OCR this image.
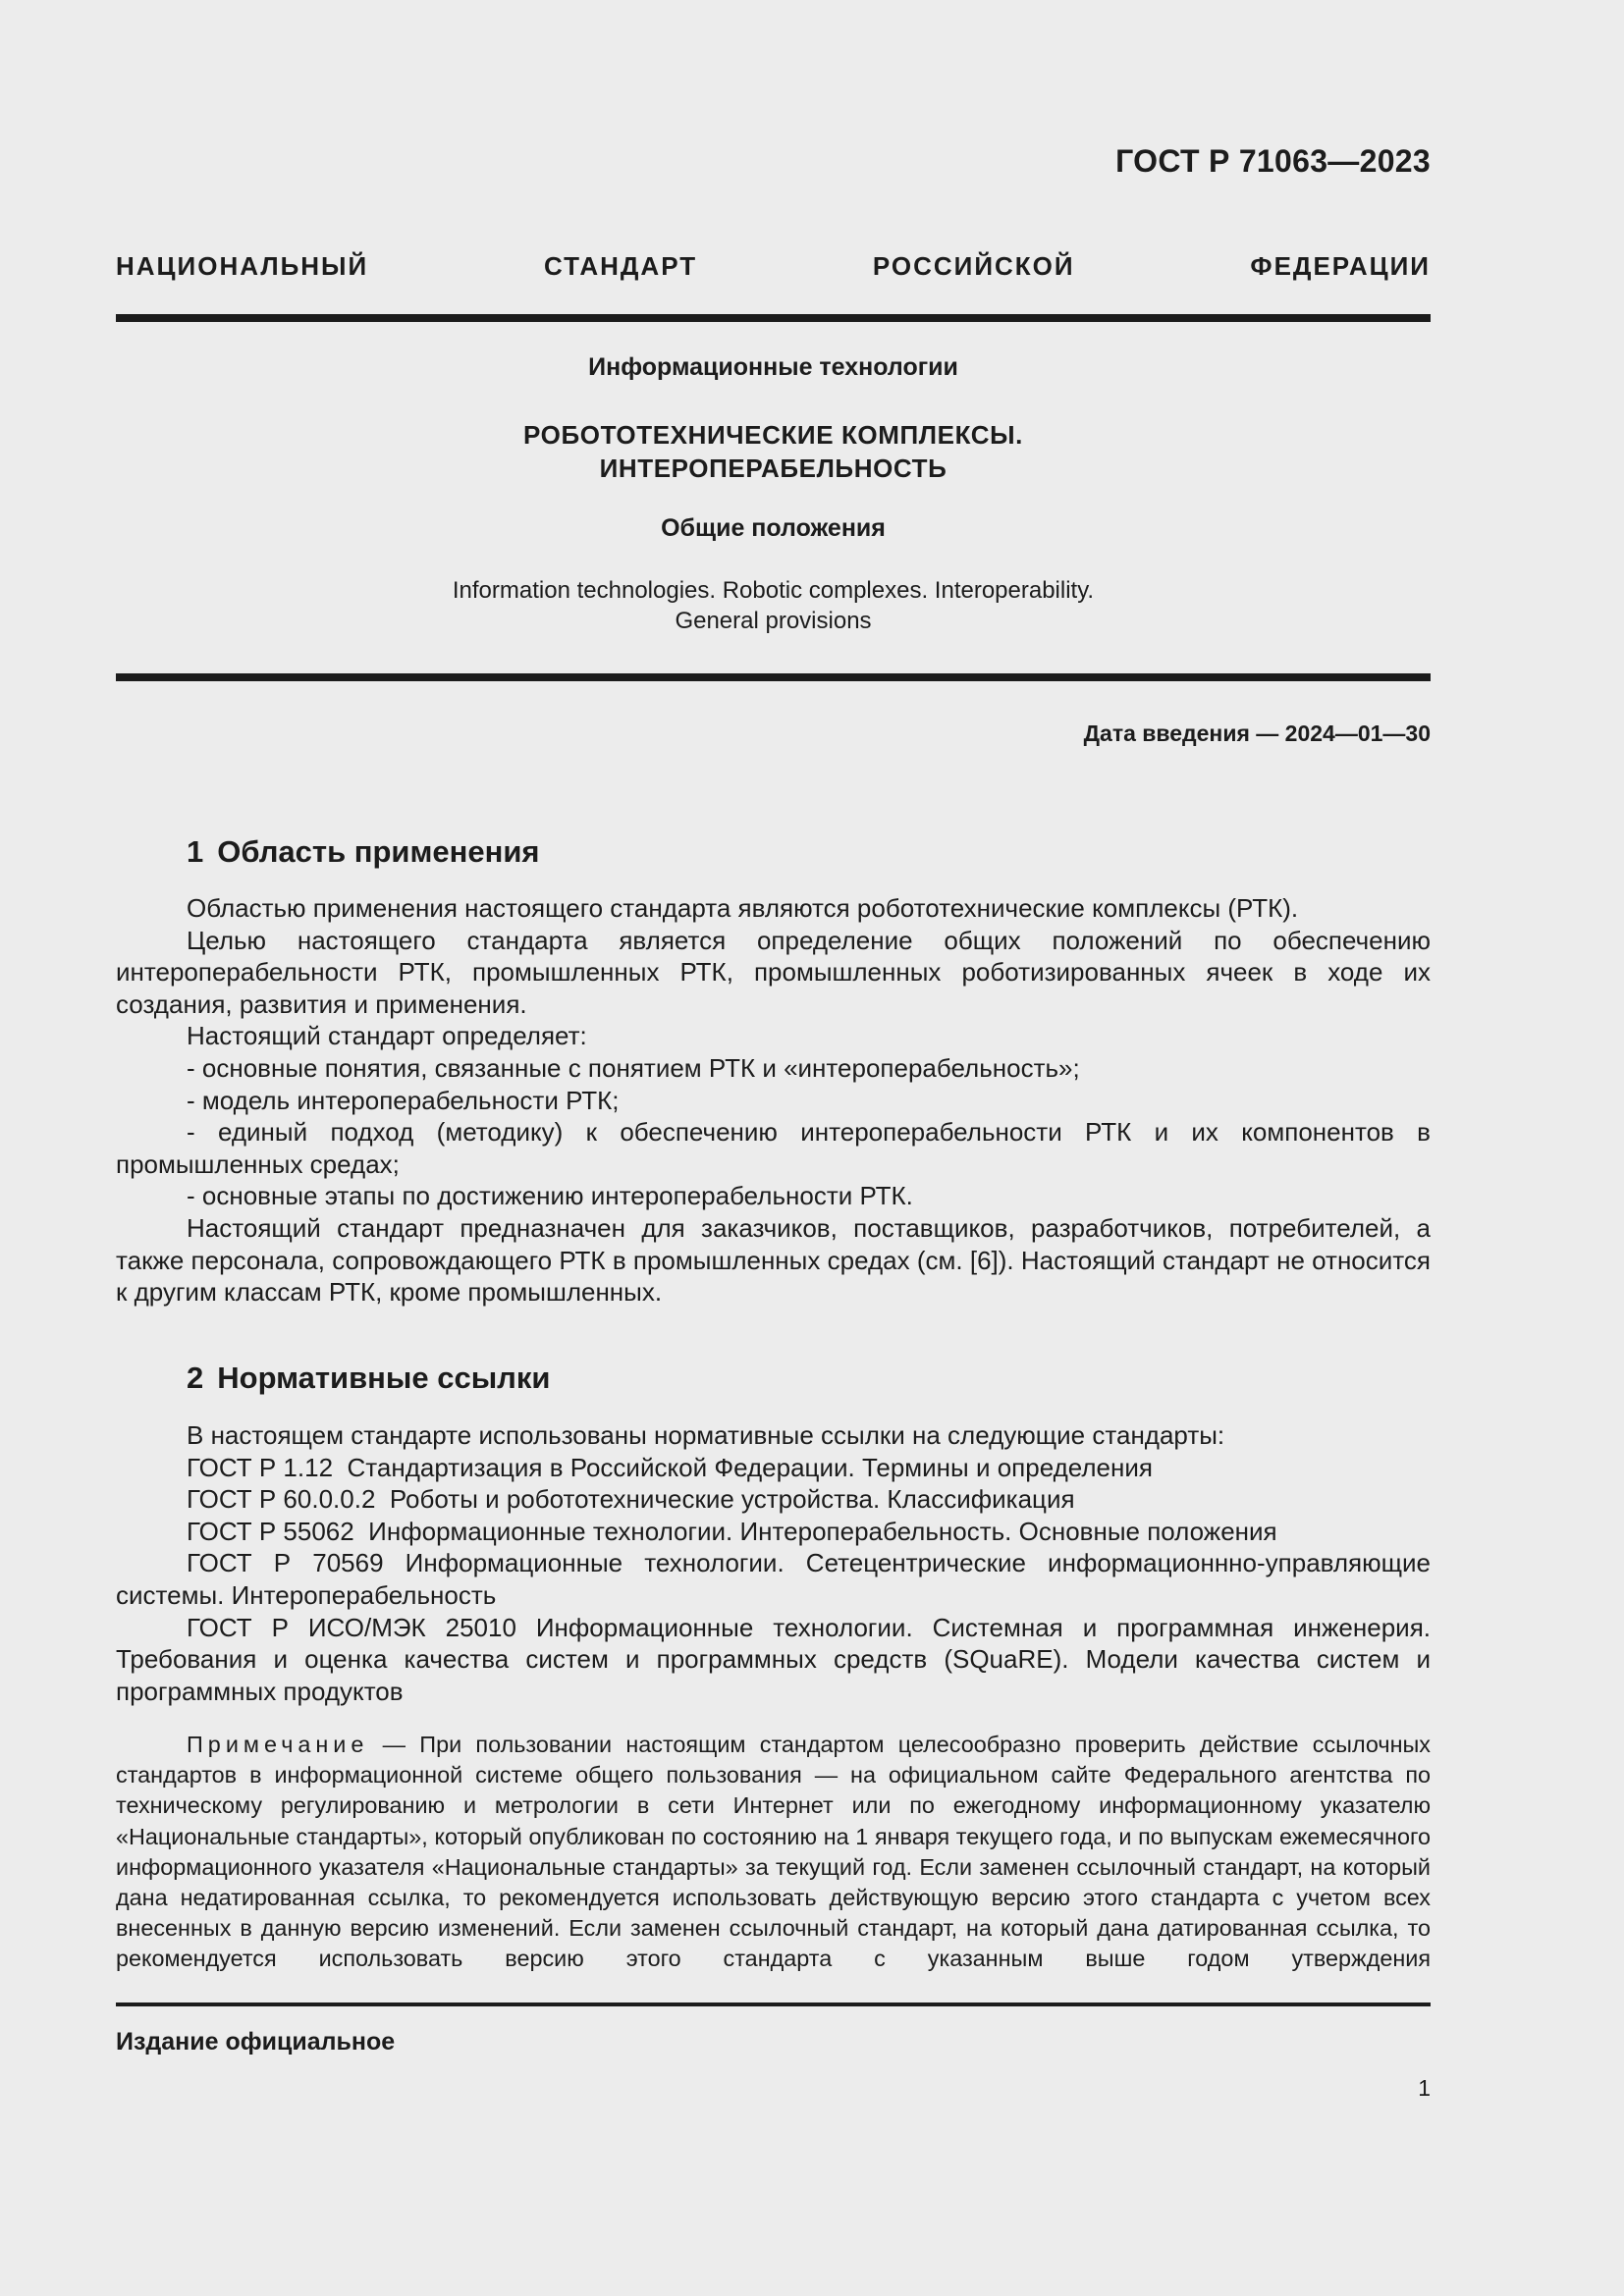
ГОСТ Р 71063—2023
НАЦИОНАЛЬНЫЙ СТАНДАРТ РОССИЙСКОЙ ФЕДЕРАЦИИ
Информационные технологии
РОБОТОТЕХНИЧЕСКИЕ КОМПЛЕКСЫ.
ИНТЕРОПЕРАБЕЛЬНОСТЬ
Общие положения
Information technologies. Robotic complexes. Interoperability.
General provisions
Дата введения — 2024—01—30
1 Область применения

Областью применения настоящего стандарта являются робототехнические комплексы (РТК).

Целью настоящего стандарта является определение общих положений по обеспечению интероперабельности РТК, промышленных РТК, промышленных роботизированных ячеек в ходе их создания, развития и применения.

Настоящий стандарт определяет:

- основные понятия, связанные с понятием РТК и «интероперабельность»;

- модель интероперабельности РТК;

- единый подход (методику) к обеспечению интероперабельности РТК и их компонентов в промышленных средах;

- основные этапы по достижению интероперабельности РТК.

Настоящий стандарт предназначен для заказчиков, поставщиков, разработчиков, потребителей, а также персонала, сопровождающего РТК в промышленных средах (см. [6]). Настоящий стандарт не относится к другим классам РТК, кроме промышленных.

2 Нормативные ссылки

В настоящем стандарте использованы нормативные ссылки на следующие стандарты:

ГОСТ Р 1.12  Стандартизация в Российской Федерации. Термины и определения

ГОСТ Р 60.0.0.2  Роботы и робототехнические устройства. Классификация

ГОСТ Р 55062  Информационные технологии. Интероперабельность. Основные положения

ГОСТ Р 70569 Информационные технологии. Сетецентрические информационнно-управляющие системы. Интероперабельность

ГОСТ Р ИСО/МЭК 25010 Информационные технологии. Системная и программная инженерия. Требования и оценка качества систем и программных средств (SQuaRE). Модели качества систем и программных продуктов

Примечание — При пользовании настоящим стандартом целесообразно проверить действие ссылочных стандартов в информационной системе общего пользования — на официальном сайте Федерального агентства по техническому регулированию и метрологии в сети Интернет или по ежегодному информационному указателю «Национальные стандарты», который опубликован по состоянию на 1 января текущего года, и по выпускам ежемесячного информационного указателя «Национальные стандарты» за текущий год. Если заменен ссылочный стандарт, на который дана недатированная ссылка, то рекомендуется использовать действующую версию этого стандарта с учетом всех внесенных в данную версию изменений. Если заменен ссылочный стандарт, на который дана датированная ссылка, то рекомендуется использовать версию этого стандарта с указанным выше годом утверждения

Издание официальное
1
